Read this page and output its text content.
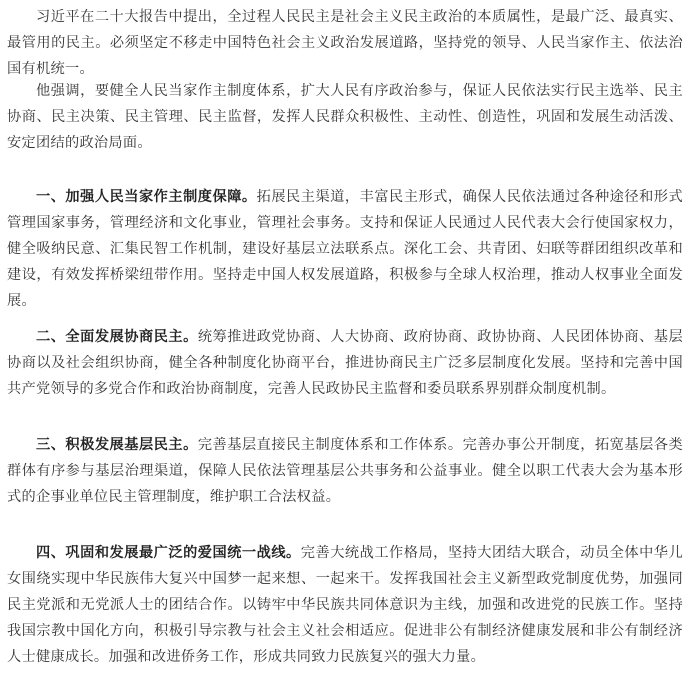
习近平在二十大报告中提出，全过程人民民主是社会主义民主政治的本质属性，是最广泛、最真实、最管用的民主。必须坚定不移走中国特色社会主义政治发展道路，坚持党的领导、人民当家作主、依法治国有机统一。

他强调，要健全人民当家作主制度体系，扩大人民有序政治参与，保证人民依法实行民主选举、民主协商、民主决策、民主管理、民主监督，发挥人民群众积极性、主动性、创造性，巩固和发展生动活泼、安定团结的政治局面。

一、加强人民当家作主制度保障。拓展民主渠道，丰富民主形式，确保人民依法通过各种途径和形式管理国家事务，管理经济和文化事业，管理社会事务。支持和保证人民通过人民代表大会行使国家权力，健全吸纳民意、汇集民智工作机制，建设好基层立法联系点。深化工会、共青团、妇联等群团组织改革和建设，有效发挥桥梁纽带作用。坚持走中国人权发展道路，积极参与全球人权治理，推动人权事业全面发展。

二、全面发展协商民主。统筹推进政党协商、人大协商、政府协商、政协协商、人民团体协商、基层协商以及社会组织协商，健全各种制度化协商平台，推进协商民主广泛多层制度化发展。坚持和完善中国共产党领导的多党合作和政治协商制度，完善人民政协民主监督和委员联系界别群众制度机制。

三、积极发展基层民主。完善基层直接民主制度体系和工作体系。完善办事公开制度，拓宽基层各类群体有序参与基层治理渠道，保障人民依法管理基层公共事务和公益事业。健全以职工代表大会为基本形式的企事业单位民主管理制度，维护职工合法权益。

四、巩固和发展最广泛的爱国统一战线。完善大统战工作格局，坚持大团结大联合，动员全体中华儿女围绕实现中华民族伟大复兴中国梦一起来想、一起来干。发挥我国社会主义新型政党制度优势，加强同民主党派和无党派人士的团结合作。以铸牢中华民族共同体意识为主线，加强和改进党的民族工作。坚持我国宗教中国化方向，积极引导宗教与社会主义社会相适应。促进非公有制经济健康发展和非公有制经济人士健康成长。加强和改进侨务工作，形成共同致力民族复兴的强大力量。
